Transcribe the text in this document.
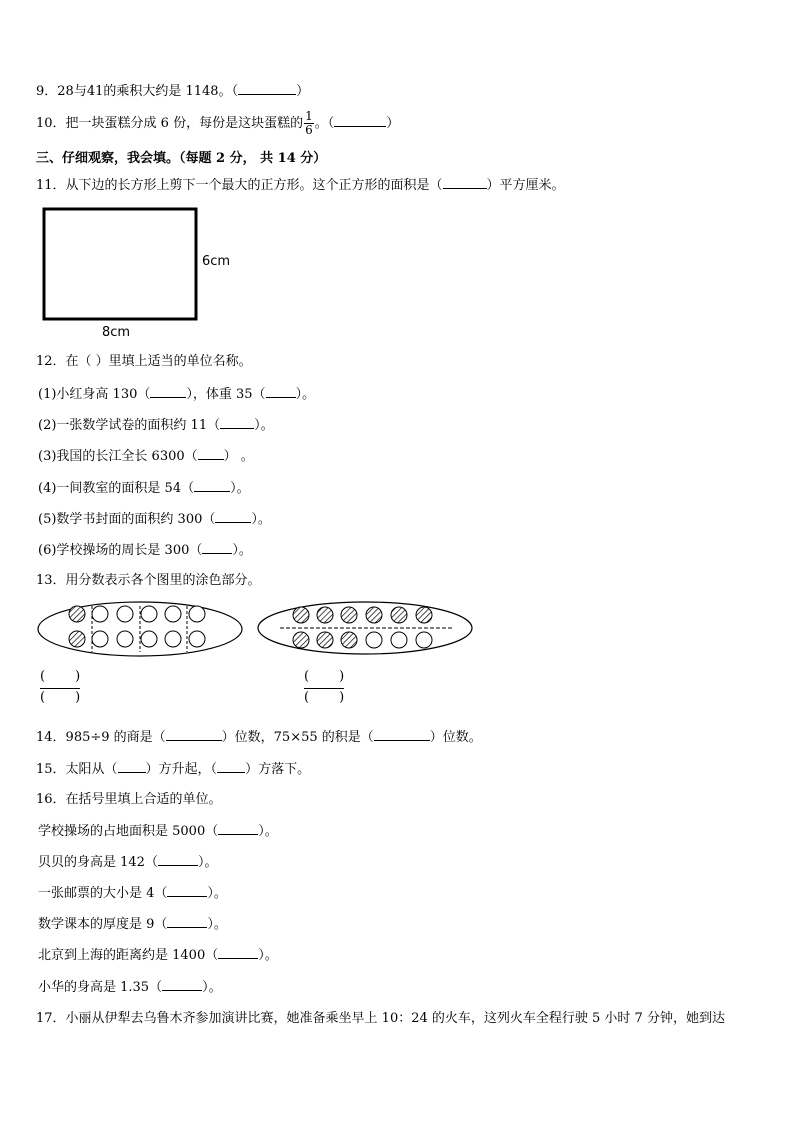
9．28与41的乘积大约是 1148。（	）
10．把一块蛋糕分成 6 份，每份是这块蛋糕的 $\frac{1}{6}$ 。（	）
三、仔细观察，我会填。（每题 2 分， 共 14 分）
11．从下边的长方形上剪下一个最大的正方形。这个正方形的面积是（	）平方厘米。
6cm
8cm
12．在（ ）里填上适当的单位名称。
(1)小红身高 130（	），体重 35（ ）。
(2)一张数学试卷的面积约 11（	）。
(3)我国的长江全长 6300（ ） 。
(4)一间教室的面积是 54（	）。
(5)数学书封面的面积约 300（	）。
(6)学校操场的周长是 300（ ）。
13．用分数表示各个图里的涂色部分。
( )
( )
( )
( )
14．985÷9 的商是（	）位数，75×55 的积是（	）位数。
15．太阳从（ ）方升起，（ ）方落下。
16．在括号里填上合适的单位。
学校操场的占地面积是 5000（	）。
贝贝的身高是 142（	）。
一张邮票的大小是 4（	）。
数学课本的厚度是 9（	）。
北京到上海的距离约是 1400（	）。
小华的身高是 1.35（	）。
17．小丽从伊犁去乌鲁木齐参加演讲比赛，她准备乘坐早上 10：24 的火车，这列火车全程行驶 5 小时 7 分钟，她到达
